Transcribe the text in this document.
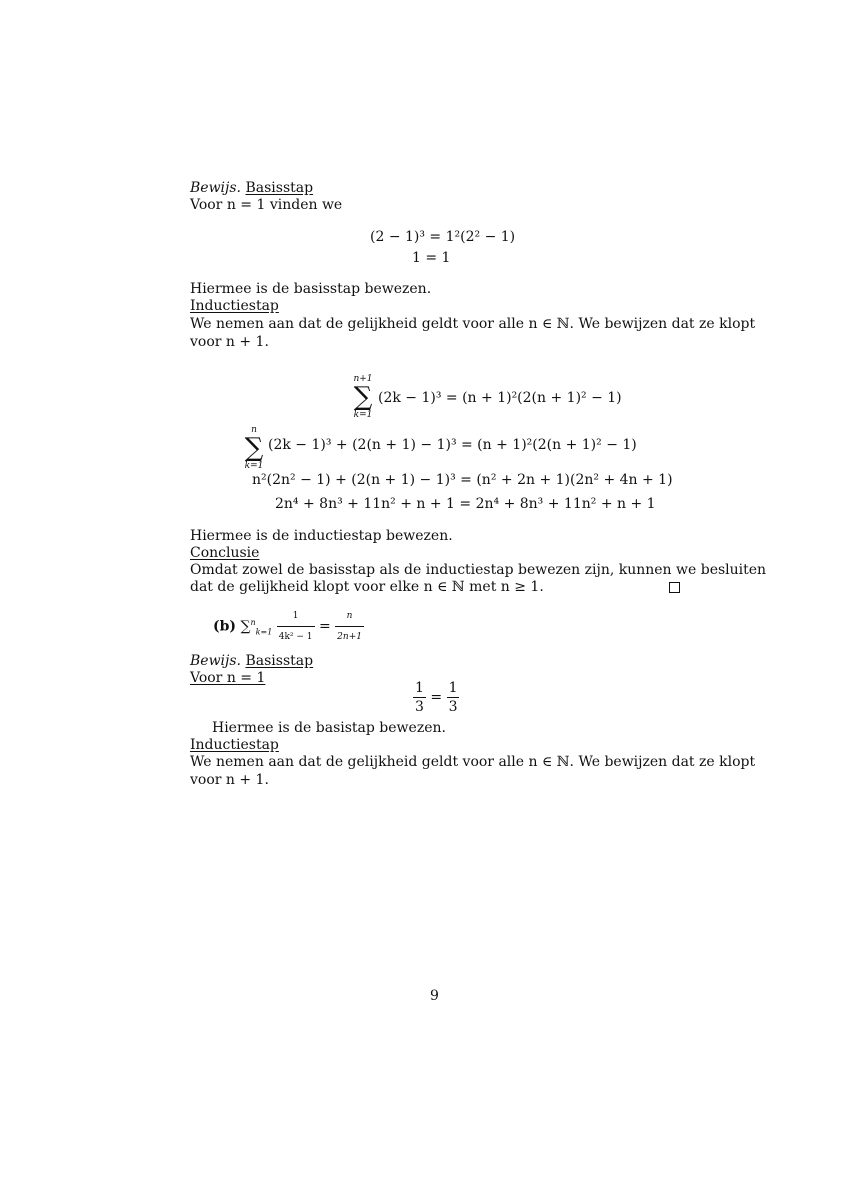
Bewijs. Basisstap
Voor n = 1 vinden we
(2 − 1)³ = 1²(2² − 1)
1 = 1
Hiermee is de basisstap bewezen.
Inductiestap
We nemen aan dat de gelijkheid geldt voor alle n ∈ ℕ. We bewijzen dat ze klopt
voor n + 1.
n+1
∑
k=1
(2k − 1)³ = (n + 1)²(2(n + 1)² − 1)
n
∑
k=1
(2k − 1)³ + (2(n + 1) − 1)³ = (n + 1)²(2(n + 1)² − 1)
n²(2n² − 1) + (2(n + 1) − 1)³ = (n² + 2n + 1)(2n² + 4n + 1)
2n⁴ + 8n³ + 11n² + n + 1 = 2n⁴ + 8n³ + 11n² + n + 1
Hiermee is de inductiestap bewezen.
Conclusie
Omdat zowel de basisstap als de inductiestap bewezen zijn, kunnen we besluiten
dat de gelijkheid klopt voor elke n ∈ ℕ met n ≥ 1.
(b) $\sum^n_{k=1} \frac{1}{\text{4k² − 1}} = \frac{n}{2n+1}$
Bewijs. Basisstap
Voor n = 1
$\frac{1}{3} = \frac{1}{3}$
Hiermee is de basistap bewezen.
Inductiestap
We nemen aan dat de gelijkheid geldt voor alle n ∈ ℕ. We bewijzen dat ze klopt
voor n + 1.
9
